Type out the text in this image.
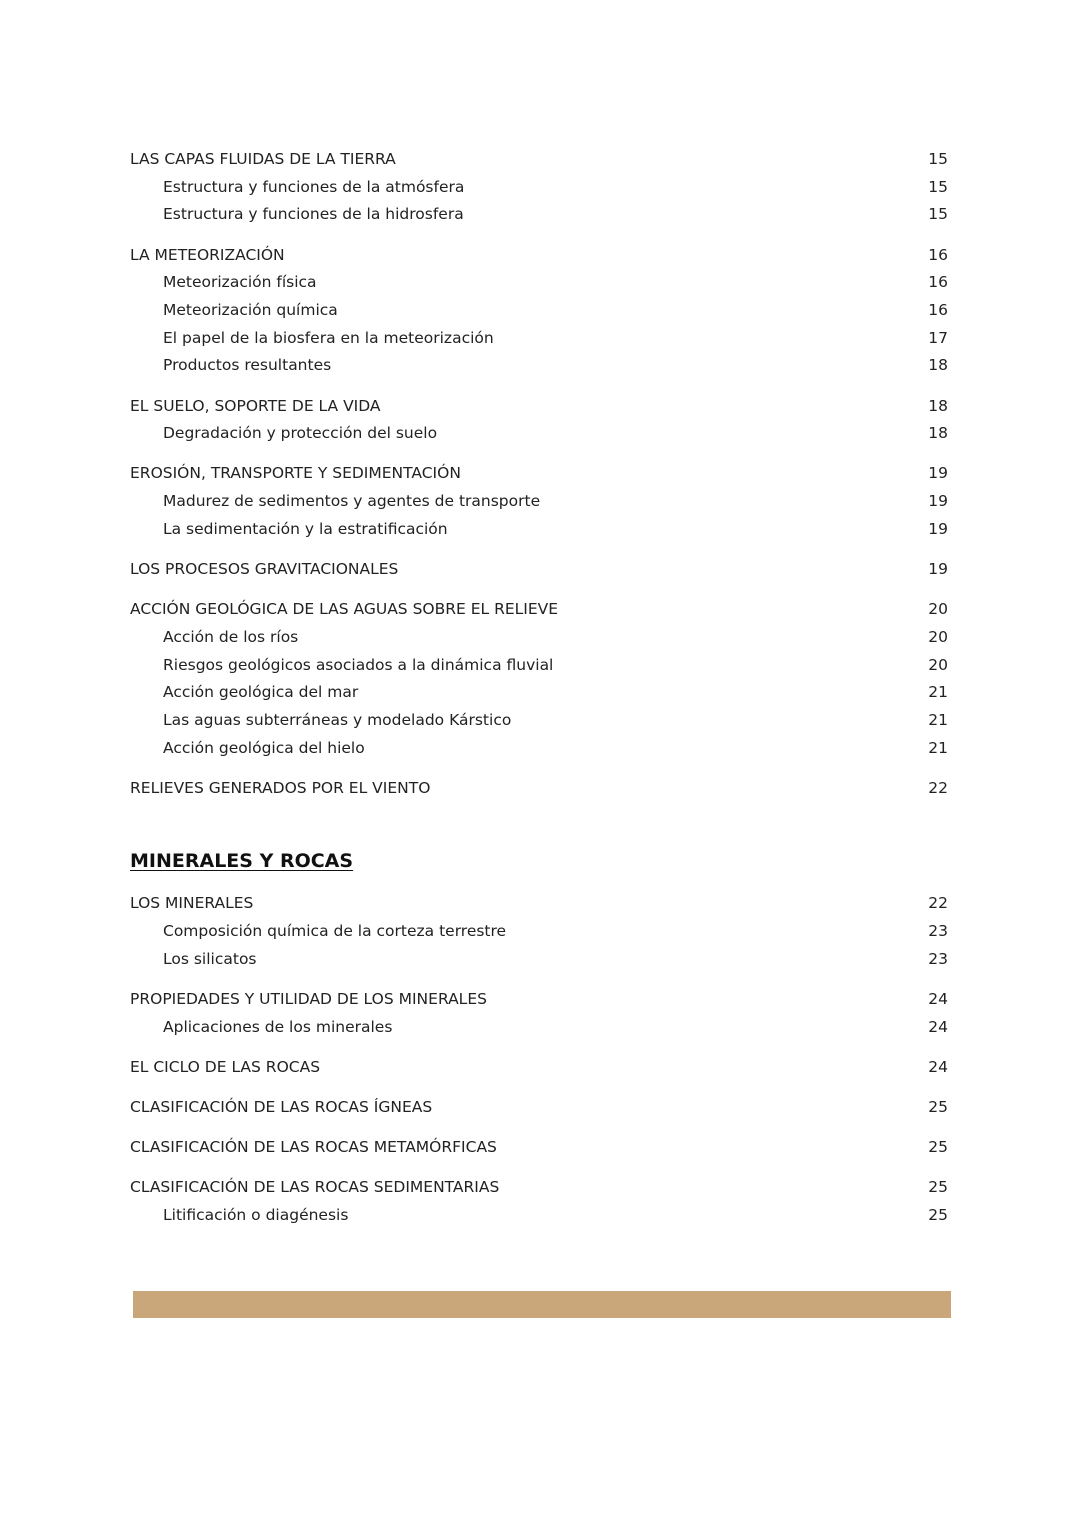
LAS CAPAS FLUIDAS DE LA TIERRA	15
Estructura y funciones de la atmósfera	15
Estructura y funciones de la hidrosfera	15
LA METEORIZACIÓN	16
Meteorización física	16
Meteorización química	16
El papel de la biosfera en la meteorización	17
Productos resultantes	18
EL SUELO, SOPORTE DE LA VIDA	18
Degradación y protección del suelo	18
EROSIÓN, TRANSPORTE Y SEDIMENTACIÓN	19
Madurez de sedimentos y agentes de transporte	19
La sedimentación y la estratificación	19
LOS PROCESOS GRAVITACIONALES	19
ACCIÓN GEOLÓGICA DE LAS AGUAS SOBRE EL RELIEVE	20
Acción de los ríos	20
Riesgos geológicos asociados a la dinámica fluvial	20
Acción geológica del mar	21
Las aguas subterráneas y modelado Kárstico	21
Acción geológica del hielo	21
RELIEVES GENERADOS POR EL VIENTO	22
MINERALES Y ROCAS
LOS MINERALES	22
Composición química de la corteza terrestre	23
Los silicatos	23
PROPIEDADES Y UTILIDAD DE LOS MINERALES	24
Aplicaciones de los minerales	24
EL CICLO DE LAS ROCAS	24
CLASIFICACIÓN DE LAS ROCAS ÍGNEAS	25
CLASIFICACIÓN DE LAS ROCAS METAMÓRFICAS	25
CLASIFICACIÓN DE LAS ROCAS SEDIMENTARIAS	25
Litificación o diagénesis	25
